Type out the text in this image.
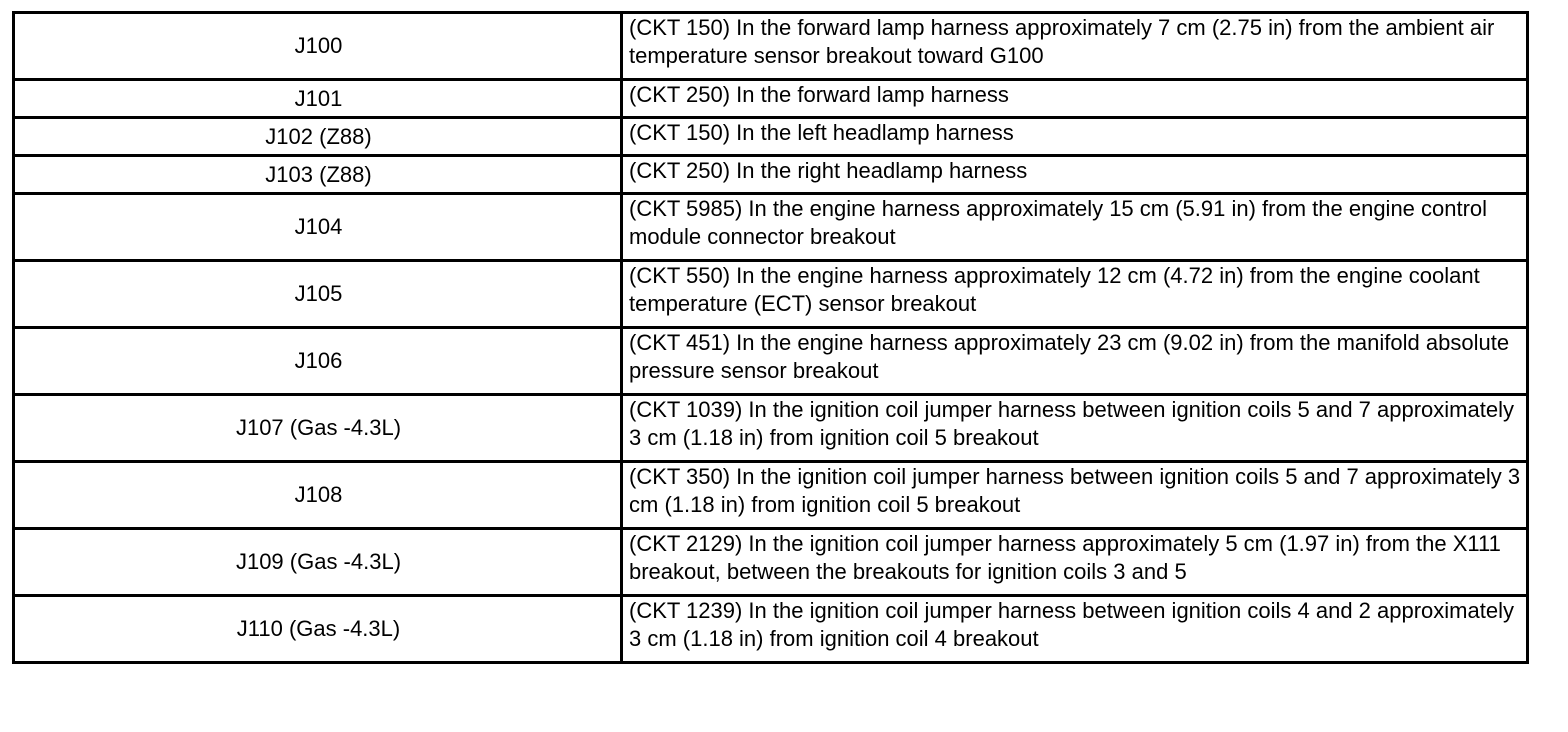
J100	(CKT 150) In the forward lamp harness approximately 7 cm (2.75 in) from the ambient air temperature sensor breakout toward G100
J101	(CKT 250) In the forward lamp harness
J102 (Z88)	(CKT 150) In the left headlamp harness
J103 (Z88)	(CKT 250) In the right headlamp harness
J104	(CKT 5985) In the engine harness approximately 15 cm (5.91 in) from the engine control module connector breakout
J105	(CKT 550) In the engine harness approximately 12 cm (4.72 in) from the engine coolant temperature (ECT) sensor breakout
J106	(CKT 451) In the engine harness approximately 23 cm (9.02 in) from the manifold absolute pressure sensor breakout
J107 (Gas -4.3L)	(CKT 1039) In the ignition coil jumper harness between ignition coils 5 and 7 approximately 3 cm (1.18 in) from ignition coil 5 breakout
J108	(CKT 350) In the ignition coil jumper harness between ignition coils 5 and 7 approximately 3 cm (1.18 in) from ignition coil 5 breakout
J109 (Gas -4.3L)	(CKT 2129) In the ignition coil jumper harness approximately 5 cm (1.97 in) from the X111 breakout, between the breakouts for ignition coils 3 and 5
J110 (Gas -4.3L)	(CKT 1239) In the ignition coil jumper harness between ignition coils 4 and 2 approximately 3 cm (1.18 in) from ignition coil 4 breakout
